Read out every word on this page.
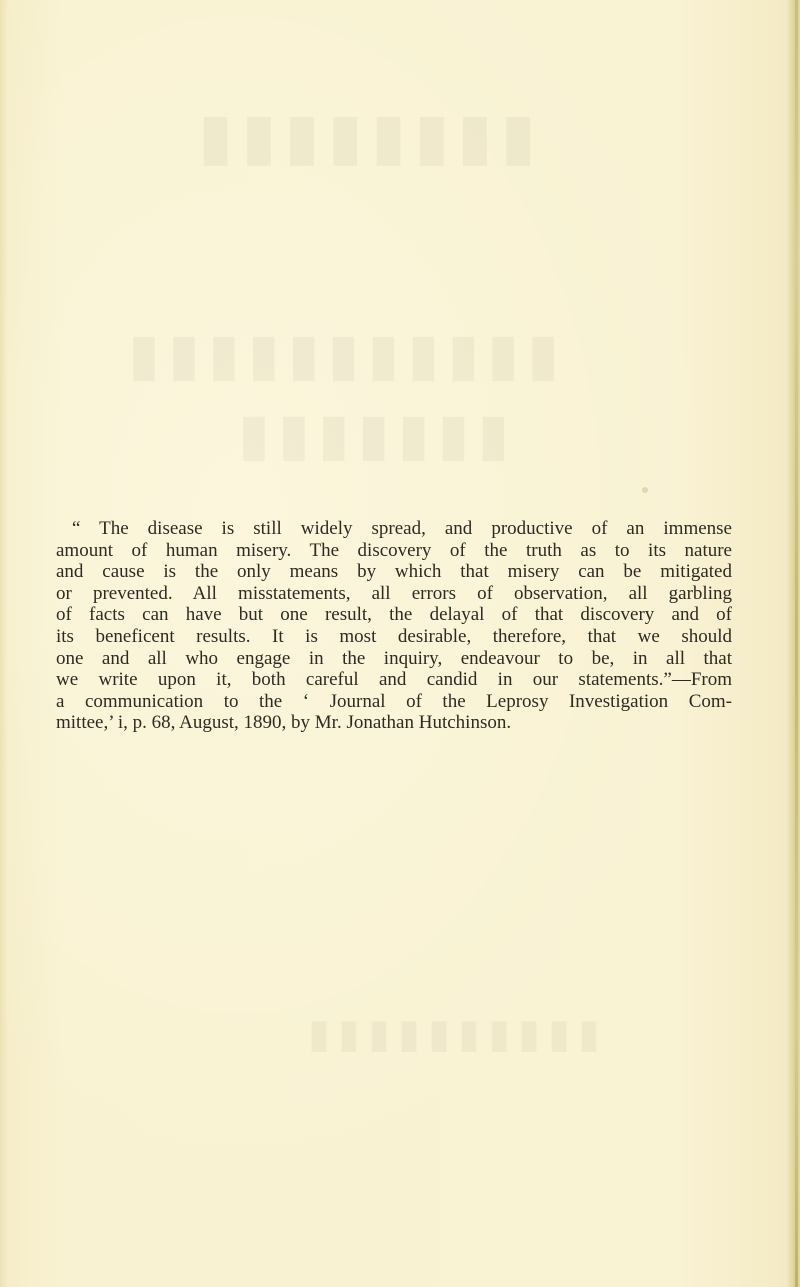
▮▮▮▮▮▮▮▮
▮▮▮▮▮▮▮▮▮▮▮
▮▮▮▮▮▮▮
▮▮▮▮▮▮▮▮▮▮
“ The disease is still widely spread, and productive of an immense
amount of human misery. The discovery of the truth as to its nature
and cause is the only means by which that misery can be mitigated
or prevented. All misstatements, all errors of observation, all garbling
of facts can have but one result, the delayal of that discovery and of
its beneficent results. It is most desirable, therefore, that we should
one and all who engage in the inquiry, endeavour to be, in all that
we write upon it, both careful and candid in our statements.”—From
a communication to the ‘ Journal of the Leprosy Investigation Com-
mittee,’ i, p. 68, August, 1890, by Mr. Jonathan Hutchinson.
